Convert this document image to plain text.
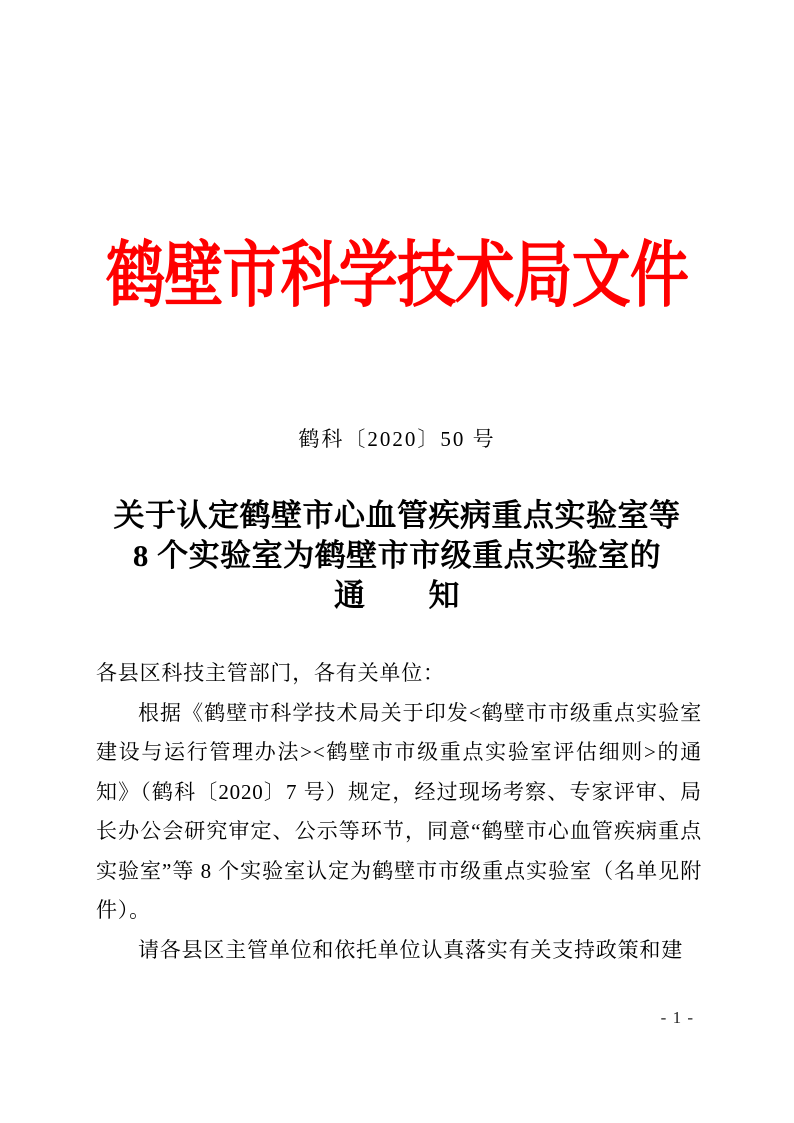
鹤壁市科学技术局文件
鹤科〔2020〕50 号
关于认定鹤壁市心血管疾病重点实验室等
8 个实验室为鹤壁市市级重点实验室的
通　　知

各县区科技主管部门，各有关单位：

根据《鹤壁市科学技术局关于印发<鹤壁市市级重点实验室建设与运行管理办法><鹤壁市市级重点实验室评估细则>的通知》（鹤科〔2020〕7 号）规定，经过现场考察、专家评审、局长办公会研究审定、公示等环节，同意“鹤壁市心血管疾病重点实验室”等 8 个实验室认定为鹤壁市市级重点实验室（名单见附件）。

请各县区主管单位和依托单位认真落实有关支持政策和建

- 1 -
